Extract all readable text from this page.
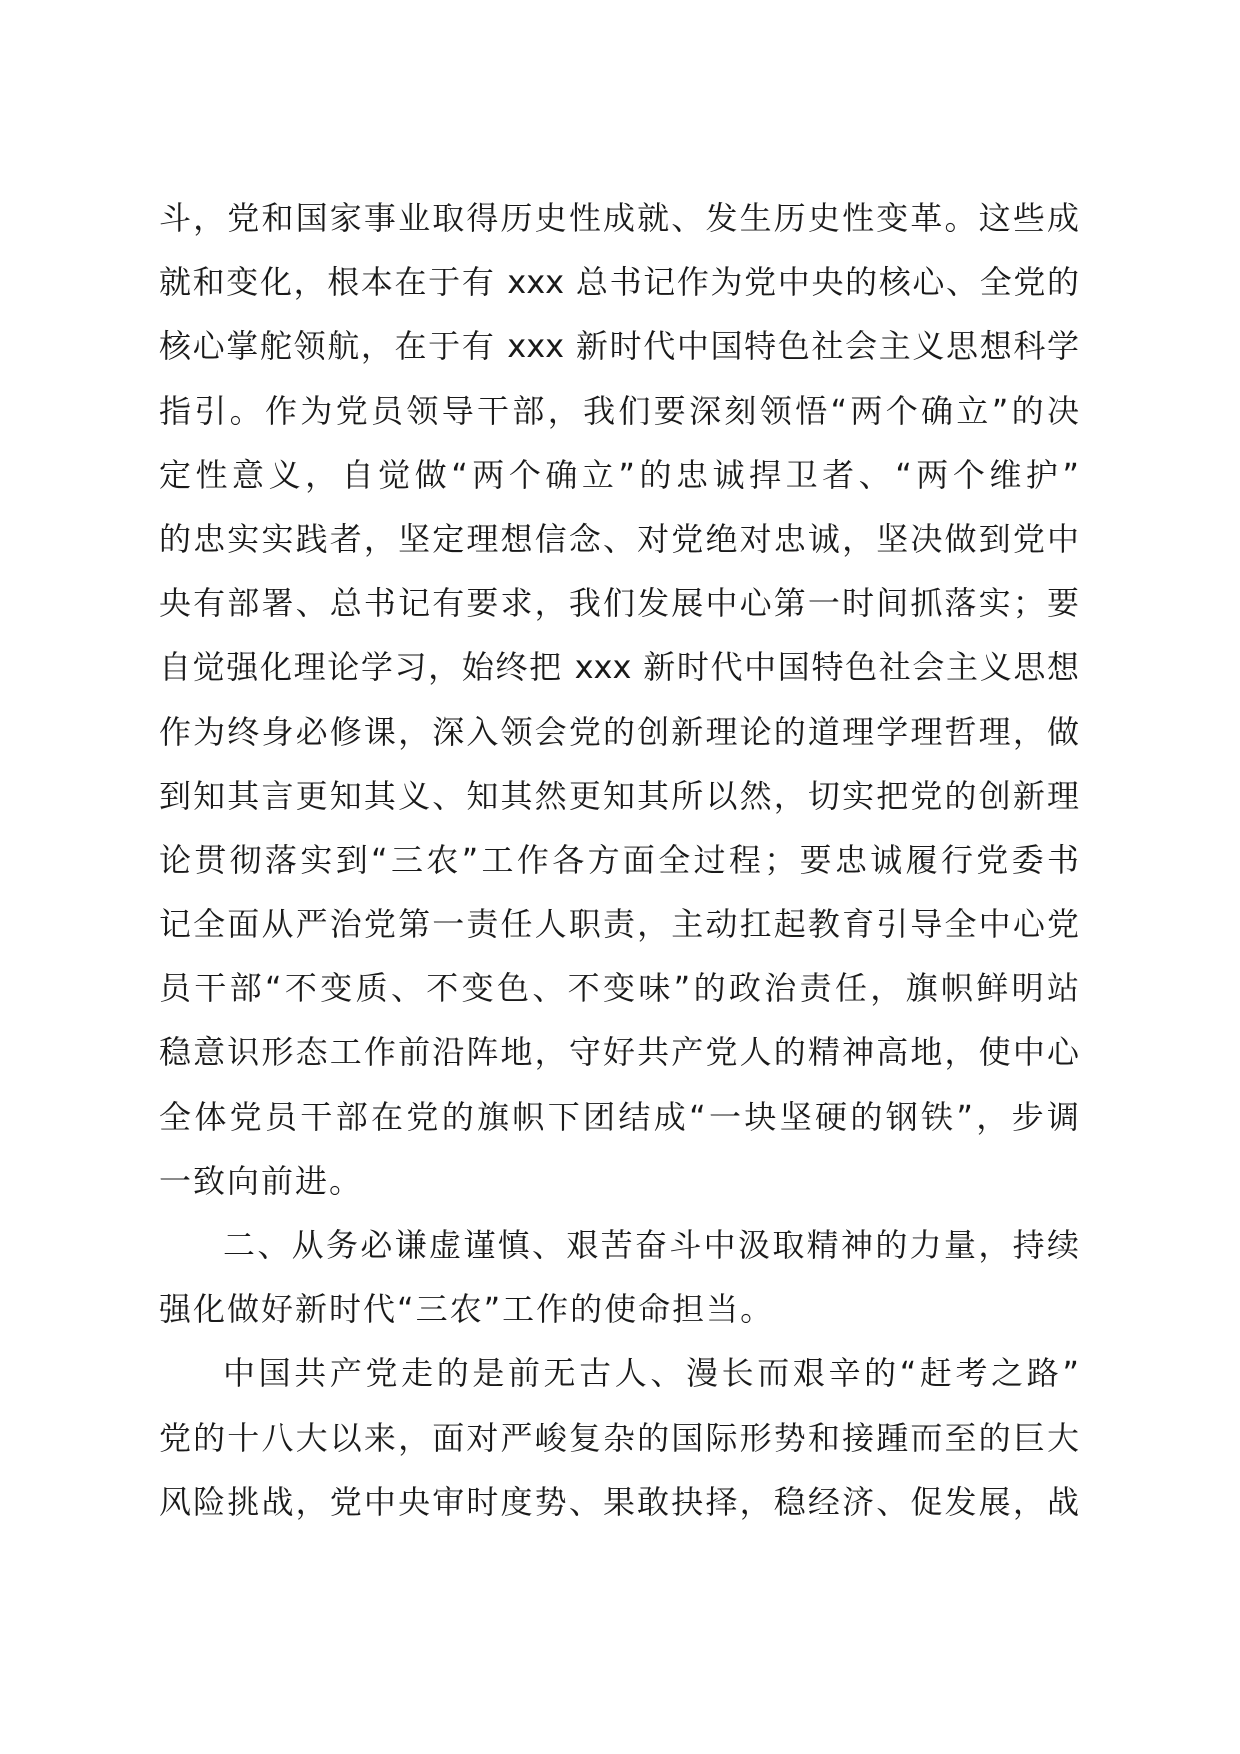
斗，党和国家事业取得历史性成就、发生历史性变革。这些成
就和变化，根本在于有 xxx 总书记作为党中央的核心、全党的
核心掌舵领航，在于有 xxx 新时代中国特色社会主义思想科学
指引。作为党员领导干部，我们要深刻领悟“两个确立”的决
定性意义，自觉做“两个确立”的忠诚捍卫者、“两个维护”
的忠实实践者，坚定理想信念、对党绝对忠诚，坚决做到党中
央有部署、总书记有要求，我们发展中心第一时间抓落实；要
自觉强化理论学习，始终把 xxx 新时代中国特色社会主义思想
作为终身必修课，深入领会党的创新理论的道理学理哲理，做
到知其言更知其义、知其然更知其所以然，切实把党的创新理
论贯彻落实到“三农”工作各方面全过程；要忠诚履行党委书
记全面从严治党第一责任人职责，主动扛起教育引导全中心党
员干部“不变质、不变色、不变味”的政治责任，旗帜鲜明站
稳意识形态工作前沿阵地，守好共产党人的精神高地，使中心
全体党员干部在党的旗帜下团结成“一块坚硬的钢铁”，步调
一致向前进。
二、从务必谦虚谨慎、艰苦奋斗中汲取精神的力量，持续
强化做好新时代“三农”工作的使命担当。
中国共产党走的是前无古人、漫长而艰辛的“赶考之路”
党的十八大以来，面对严峻复杂的国际形势和接踵而至的巨大
风险挑战，党中央审时度势、果敢抉择，稳经济、促发展，战
